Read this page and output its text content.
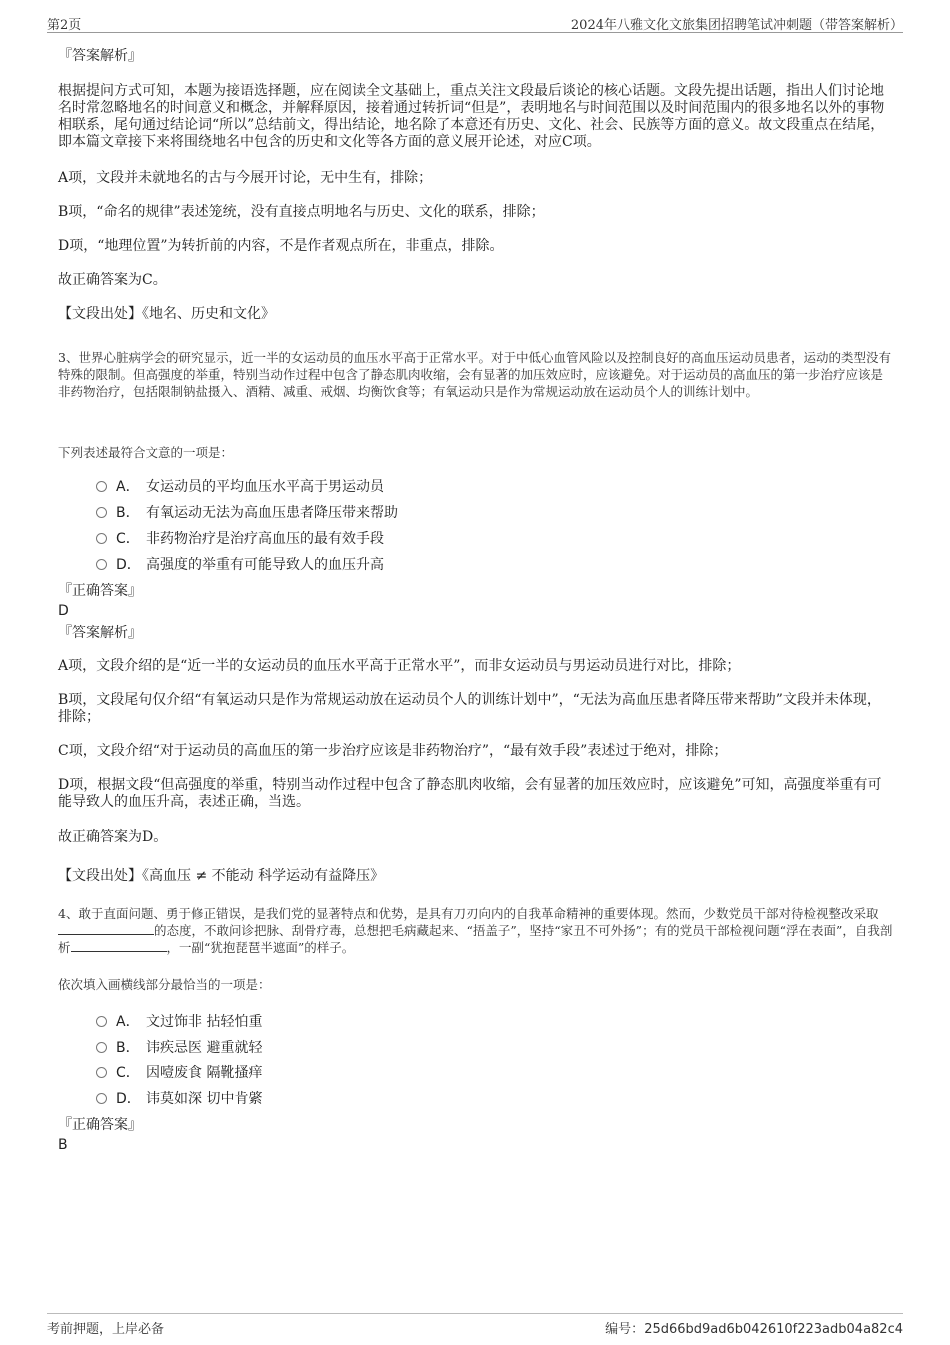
第2页	2024年八雅文化文旅集团招聘笔试冲刺题（带答案解析）
『答案解析』
根据提问方式可知，本题为接语选择题，应在阅读全文基础上，重点关注文段最后谈论的核心话题。文段先提出话题，指出人们讨论地名时常忽略地名的时间意义和概念，并解释原因，接着通过转折词“但是”，表明地名与时间范围以及时间范围内的很多地名以外的事物相联系，尾句通过结论词“所以”总结前文，得出结论，地名除了本意还有历史、文化、社会、民族等方面的意义。故文段重点在结尾，即本篇文章接下来将围绕地名中包含的历史和文化等各方面的意义展开论述，对应C项。
A项，文段并未就地名的古与今展开讨论，无中生有，排除；
B项，“命名的规律”表述笼统，没有直接点明地名与历史、文化的联系，排除；
D项，“地理位置”为转折前的内容，不是作者观点所在，非重点，排除。
故正确答案为C。
【文段出处】《地名、历史和文化》
3、世界心脏病学会的研究显示，近一半的女运动员的血压水平高于正常水平。对于中低心血管风险以及控制良好的高血压运动员患者，运动的类型没有特殊的限制。但高强度的举重，特别当动作过程中包含了静态肌肉收缩，会有显著的加压效应时，应该避免。对于运动员的高血压的第一步治疗应该是非药物治疗，包括限制钠盐摄入、酒精、减重、戒烟、均衡饮食等；有氧运动只是作为常规运动放在运动员个人的训练计划中。
下列表述最符合文意的一项是：
A． 女运动员的平均血压水平高于男运动员
B． 有氧运动无法为高血压患者降压带来帮助
C． 非药物治疗是治疗高血压的最有效手段
D． 高强度的举重有可能导致人的血压升高
『正确答案』
D
『答案解析』
A项，文段介绍的是“近一半的女运动员的血压水平高于正常水平”，而非女运动员与男运动员进行对比，排除；
B项，文段尾句仅介绍“有氧运动只是作为常规运动放在运动员个人的训练计划中”，“无法为高血压患者降压带来帮助”文段并未体现，排除；
C项，文段介绍“对于运动员的高血压的第一步治疗应该是非药物治疗”，“最有效手段”表述过于绝对，排除；
D项，根据文段“但高强度的举重，特别当动作过程中包含了静态肌肉收缩，会有显著的加压效应时，应该避免”可知，高强度举重有可能导致人的血压升高，表述正确，当选。
故正确答案为D。
【文段出处】《高血压 ≠ 不能动 科学运动有益降压》
4、敢于直面问题、勇于修正错误，是我们党的显著特点和优势，是具有刀刃向内的自我革命精神的重要体现。然而，少数党员干部对待检视整改采取的态度，不敢问诊把脉、刮骨疗毒，总想把毛病藏起来、“捂盖子”，坚持“家丑不可外扬”；有的党员干部检视问题“浮在表面”，自我剖析	，一副“犹抱琵琶半遮面”的样子。
依次填入画横线部分最恰当的一项是：
A． 文过饰非 拈轻怕重
B． 讳疾忌医 避重就轻
C． 因噎废食 隔靴搔痒
D． 讳莫如深 切中肯綮
『正确答案』
B
考前押题，上岸必备	编号：25d66bd9ad6b042610f223adb04a82c4
